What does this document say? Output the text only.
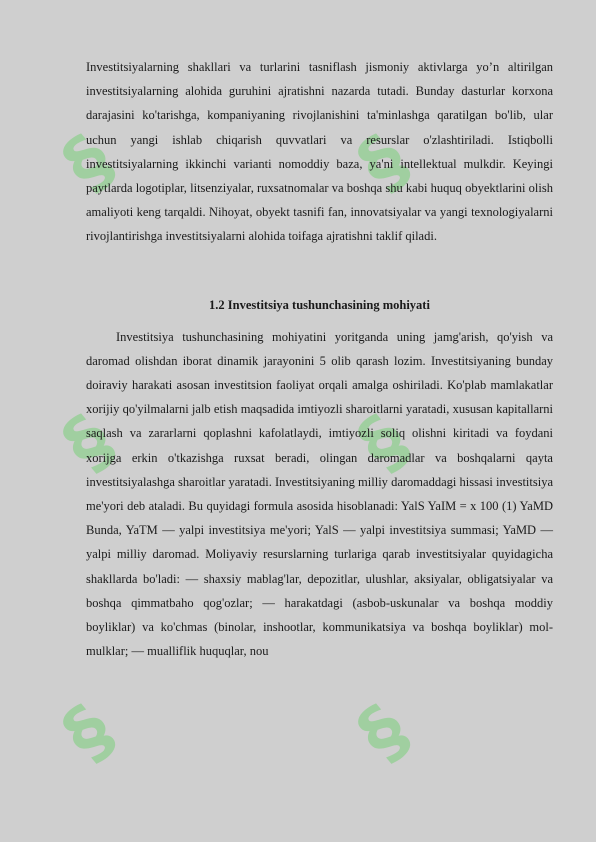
§	§
§	§
§	§

Investitsiyalarning shakllari va turlarini tasniflash jismoniy aktivlarga yo’n altirilgan investitsiyalarning alohida guruhini ajratishni nazarda tutadi. Bunday dasturlar korxona darajasini ko'tarishga, kompaniyaning rivojlanishini ta'minlashga qaratilgan bo'lib, ular uchun yangi ishlab chiqarish quvvatlari va resurslar o'zlashtiriladi. Istiqbolli investitsiyalarning ikkinchi varianti nomoddiy baza, ya'ni intellektual mulkdir. Keyingi paytlarda logotiplar, litsenziyalar, ruxsatnomalar va boshqa shu kabi huquq obyektlarini olish amaliyoti keng tarqaldi. Nihoyat, obyekt tasnifi fan, innovatsiyalar va yangi texnologiyalarni rivojlantirishga investitsiyalarni alohida toifaga ajratishni taklif qiladi.

1.2 Investitsiya tushunchasining mohiyati

Investitsiya tushunchasining mohiyatini yoritganda uning jamg'arish, qo'yish va daromad olishdan iborat dinamik jarayonini 5 olib qarash lozim. Investitsiyaning bunday doiraviy harakati asosan investitsion faoliyat orqali amalga oshiriladi. Ko'plab mamlakatlar xorijiy qo'yilmalarni jalb etish maqsadida imtiyozli sharoitlarni yaratadi, xususan kapitallarni saqlash va zararlarni qoplashni kafolatlaydi, imtiyozli soliq olishni kiritadi va foydani xorijga erkin o'tkazishga ruxsat beradi, olingan daromadlar va boshqalarni qayta investitsiyalashga sharoitlar yaratadi. Investitsiyaning milliy daromaddagi hissasi investitsiya me'yori deb ataladi. Bu quyidagi formula asosida hisoblanadi: YalS YaIM = x 100 (1) YaMD Bunda, YaTM — yalpi investitsiya me'yori; YalS — yalpi investitsiya summasi; YaMD — yalpi milliy daromad. Moliyaviy resurslarning turlariga qarab investitsiyalar quyidagicha shakllarda bo'ladi: — shaxsiy mablag'lar, depozitlar, ulushlar, aksiyalar, obligatsiyalar va boshqa qimmatbaho qog'ozlar; — harakatdagi (asbob-uskunalar va boshqa moddiy boyliklar) va ko'chmas (binolar, inshootlar, kommunikatsiya va boshqa boyliklar) mol-mulklar; — mualliflik huquqlar, nou
